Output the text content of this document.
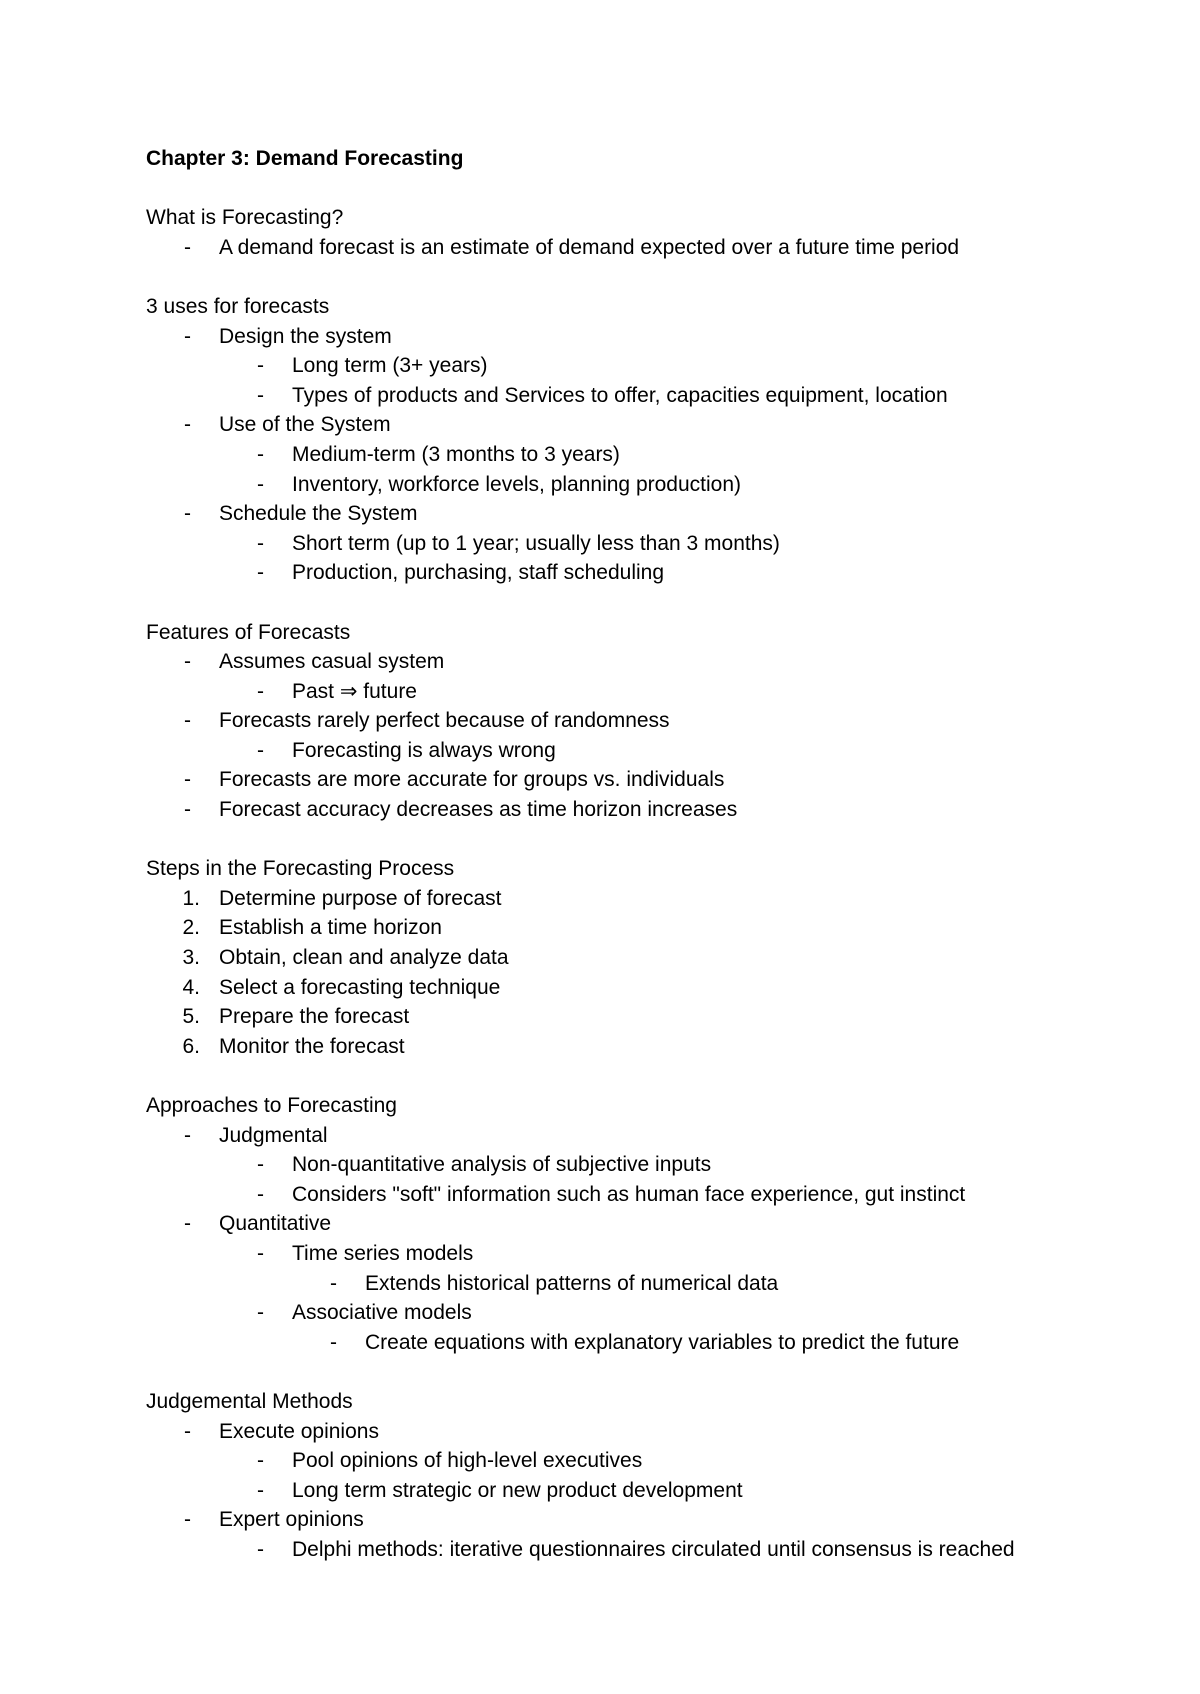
Chapter 3: Demand Forecasting
What is Forecasting?
- A demand forecast is an estimate of demand expected over a future time period
3 uses for forecasts
- Design the system
- Long term (3+ years)
- Types of products and Services to offer, capacities equipment, location
- Use of the System
- Medium-term (3 months to 3 years)
- Inventory, workforce levels, planning production)
- Schedule the System
- Short term (up to 1 year; usually less than 3 months)
- Production, purchasing, staff scheduling
Features of Forecasts
- Assumes casual system
- Past ⇒ future
- Forecasts rarely perfect because of randomness
- Forecasting is always wrong
- Forecasts are more accurate for groups vs. individuals
- Forecast accuracy decreases as time horizon increases
Steps in the Forecasting Process
1. Determine purpose of forecast
2. Establish a time horizon
3. Obtain, clean and analyze data
4. Select a forecasting technique
5. Prepare the forecast
6. Monitor the forecast
Approaches to Forecasting
- Judgmental
- Non-quantitative analysis of subjective inputs
- Considers "soft" information such as human face experience, gut instinct
- Quantitative
- Time series models
- Extends historical patterns of numerical data
- Associative models
- Create equations with explanatory variables to predict the future
Judgemental Methods
- Execute opinions
- Pool opinions of high-level executives
- Long term strategic or new product development
- Expert opinions
- Delphi methods: iterative questionnaires circulated until consensus is reached
